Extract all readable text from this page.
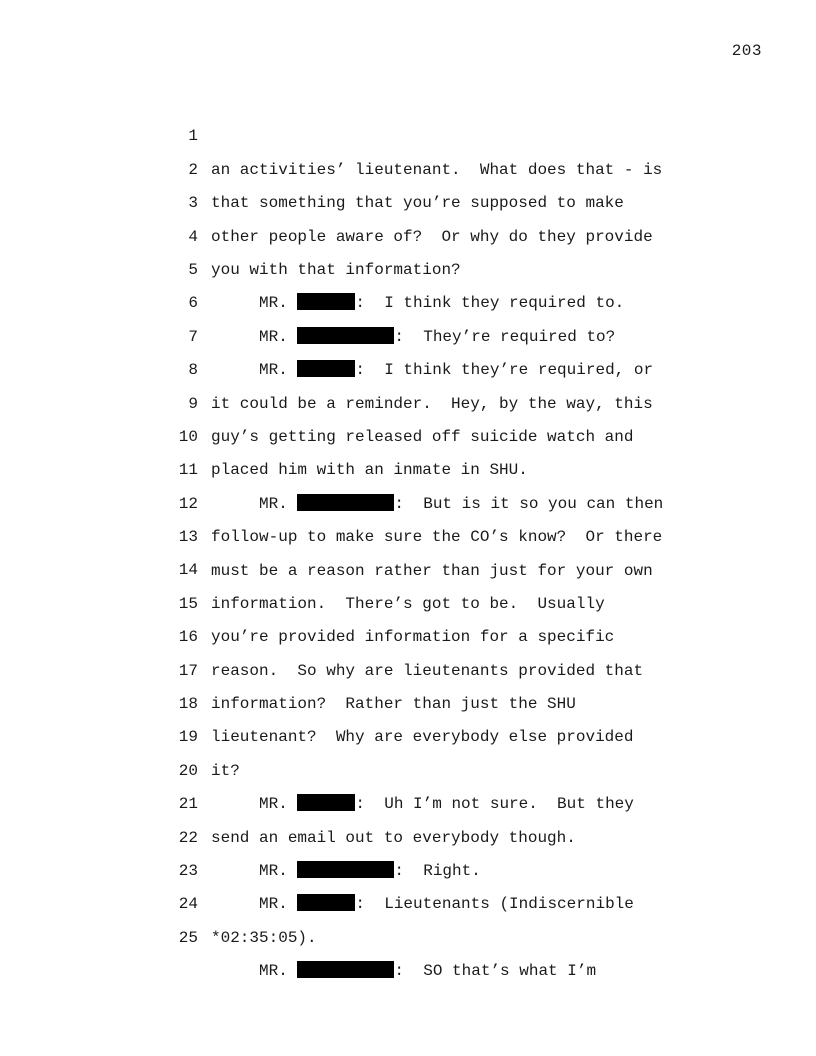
203

1

an activities’ lieutenant.  What does that - is

2

that something that you’re supposed to make

3

other people aware of?  Or why do they provide

4

you with that information?

5

MR.	:  I think they required to.

6

MR.	:  They’re required to?

7

MR.	:  I think they’re required, or

8

it could be a reminder.  Hey, by the way, this

9

guy’s getting released off suicide watch and

10

placed him with an inmate in SHU.

11

MR.	:  But is it so you can then

12

follow-up to make sure the CO’s know?  Or there

13

must be a reason rather than just for your own

14

information.  There’s got to be.  Usually

15

you’re provided information for a specific

16

reason.  So why are lieutenants provided that

17

information?  Rather than just the SHU

18

lieutenant?  Why are everybody else provided

19

it?

20

MR.	:  Uh I’m not sure.  But they

21

send an email out to everybody though.

22

MR.	:  Right.

23

MR.	:  Lieutenants (Indiscernible

24

*02:35:05).

25

MR.	:  SO that’s what I’m
